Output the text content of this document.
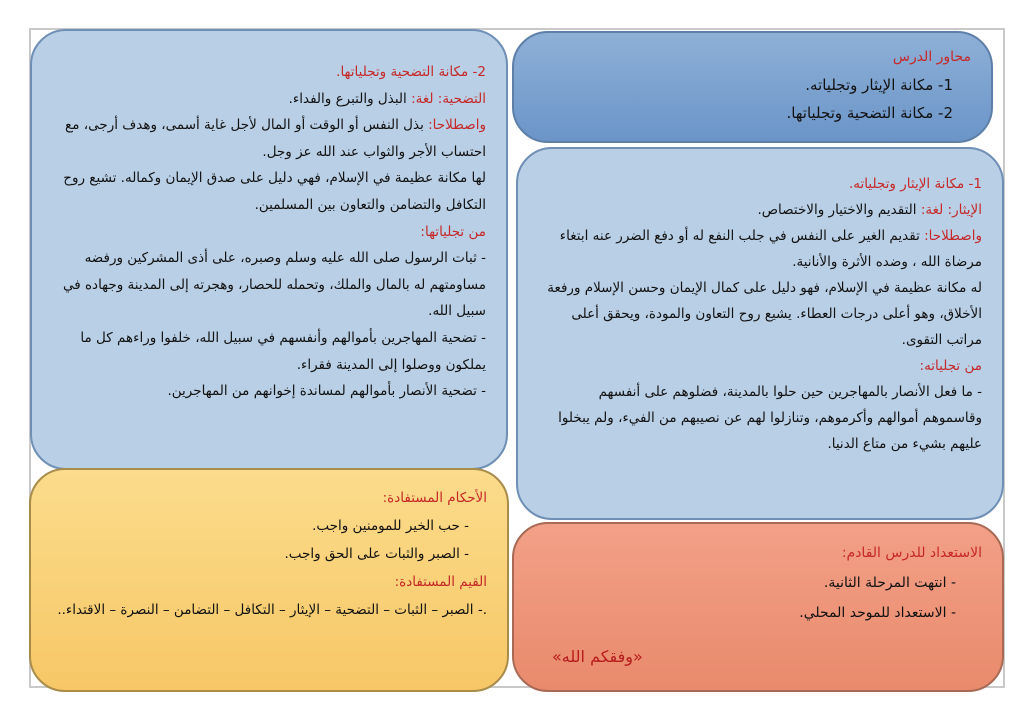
محاور الدرس

1- مكانة الإيثار وتجلياته.

2- مكانة التضحية وتجلياتها.

1- مكانة الإيثار وتجلياته.

الإيثار: لغة: التقديم والاختيار والاختصاص.

واصطلاحا: تقديم الغير على النفس في جلب النفع له أو دفع الضرر عنه ابتغاء مرضاة الله ، وضده الأثرة والأنانية.

له مكانة عظيمة في الإسلام، فهو دليل على كمال الإيمان وحسن الإسلام ورفعة الأخلاق، وهو أعلى درجات العطاء. يشيع روح التعاون والمودة، ويحقق أعلى مراتب التقوى.

من تجلياته:

- ما فعل الأنصار بالمهاجرين حين حلوا بالمدينة، فضلوهم على أنفسهم وقاسموهم أموالهم وأكرموهم، وتنازلوا لهم عن نصيبهم من الفيء، ولم يبخلوا عليهم بشيء من متاع الدنيا.

2- مكانة التضحية وتجلياتها.

التضحية: لغة: البذل والتبرع والفداء.

واصطلاحا: بذل النفس أو الوقت أو المال لأجل غاية أسمى، وهدف أرجى، مع احتساب الأجر والثواب عند الله عز وجل.

لها مكانة عظيمة في الإسلام، فهي دليل على صدق الإيمان وكماله. تشيع روح التكافل والتضامن والتعاون بين المسلمين.

من تجلياتها:

- ثبات الرسول صلى الله عليه وسلم وصبره، على أذى المشركين ورفضه مساومتهم له بالمال والملك، وتحمله للحصار، وهجرته إلى المدينة وجهاده في سبيل الله.

- تضحية المهاجرين بأموالهم وأنفسهم في سبيل الله، خلفوا وراءهم كل ما يملكون ووصلوا إلى المدينة فقراء.

- تضحية الأنصار بأموالهم لمساندة إخوانهم من المهاجرين.

الأحكام المستفادة:

- حب الخير للمومنين واجب.

- الصبر والثبات على الحق واجب.

القيم المستفادة:

.- الصبر – الثبات – التضحية – الإيثار – التكافل – التضامن – النصرة – الاقتداء..

الاستعداد للدرس القادم:

- انتهت المرحلة الثانية.

- الاستعداد للموحد المحلي.

«وفقكم الله»
